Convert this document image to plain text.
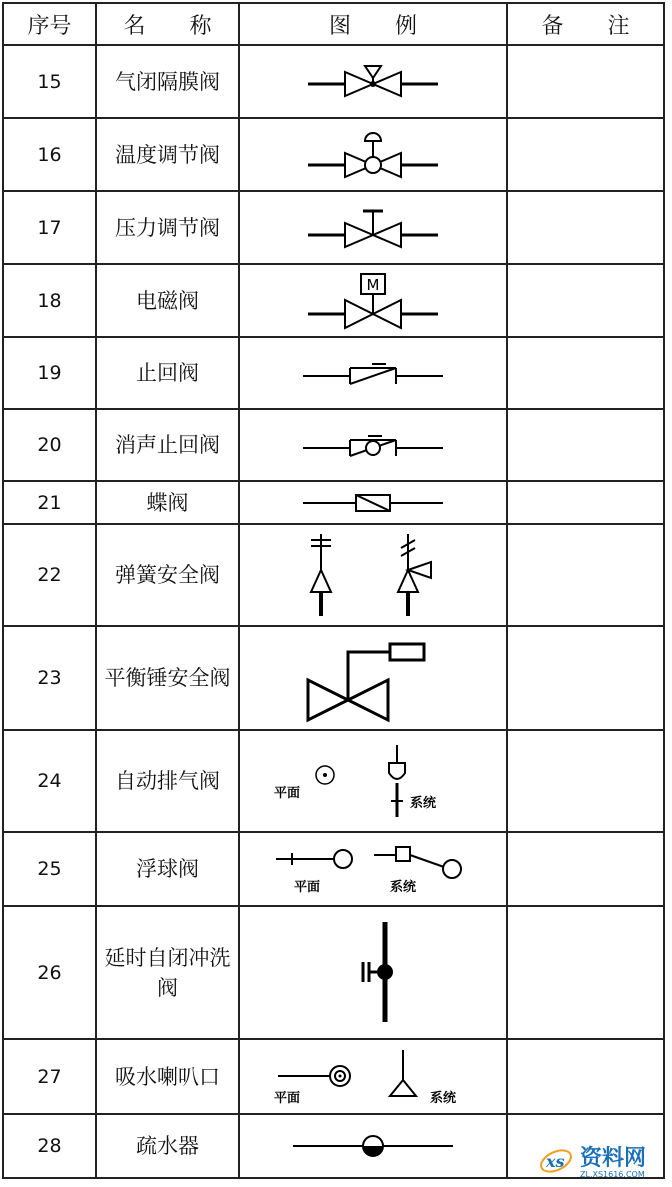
序号	名　　称	图　　例	备　　注
15	气闭隔膜阀	

16	温度调节阀	

17	压力调节阀	

18	电磁阀	M	

19	止回阀	

20	消声止回阀	

21	蝶阀	

22	弹簧安全阀	

23	平衡锤安全阀	

24	自动排气阀	平面
系统	

25	浮球阀	平面 系统	

26	延时自闭冲洗阀	

27	吸水喇叭口	平面 系统	

28	疏水器	

xs 资料网
ZL.XS1616.COM
